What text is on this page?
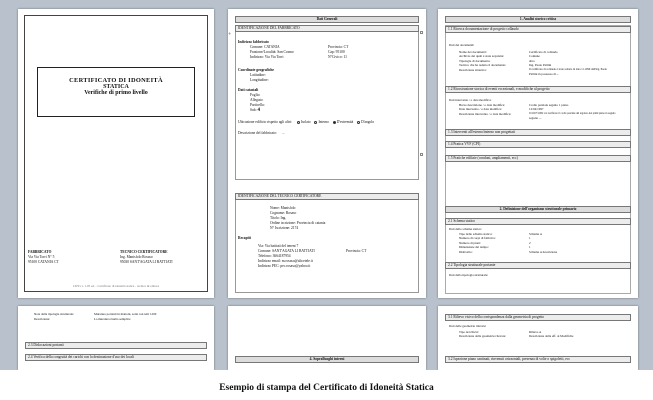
CERTIFICATO DI IDONEITÀ
STATICA
Verifiche di primo livello
FABBRICATO
Via Via Torri N° 5
95100 CATANIA CT
TECNICO CERTIFICATORE
Ing. Manisfolo Rosaso
95030 SANT'AGATA LI BATTIATI
CDYs v. 1.05 ed. - Certificato di idoneità statica - tecnico & editore
Dati Generali
IDENTIFICAZIONE DEL FABBRICATO
+
Indirizzo fabbricato
Comune: CATANIA	Provincia: CT
Frazione/Località: San Cosmo	Cap: 95100
Indirizzo: Via Via Torri	N°Civico: 11
Coordinate geografiche
Latitudine:
Longitudine:
Dati catastali
Foglio:
Allegato:
Particella:
Sub: 4
Ubicazione edificio rispetto agli altri: Isolato Interno D'estremità D'angolo
Descrizione del fabbricato: ...
IDENTIFICAZIONE DEL TECNICO CERTIFICATORE
Nome: Manisfolo
Cognome: Rosaso
Titolo: Ing.
Ordine iscrizione: Provincia di catania
N° Iscrizione: 2174
Recapiti
Via: Via battiati del tenent 7
Comune: SANT'AGATA LI BATTIATI	Provincia: CT
Telefono: 3664187954
Indirizzo email: m.rosaso@alicetele.it
Indirizzo PEC: pec.rosaso@yahoo.it
1. Analisi storico critica
1.1 Ricerca documentazione di progetto collaudo
Dati dei documenti:
Nome dei documenti:	Certificato di collaudo
Archivio dei quali è stata acquisita:	Comune
Tipologia di documento:	altro
Tecnico che ha redatto il documento:	Ing. Paolo Pallini
Descrizione sintetica:	Il certificato di collaudo è stato redatto in data 11.1999 dall'ing. Paolo
Pallini in possesso di ...
1.2 Ricostruzione storica di eventi eccezionali, e modifiche al progetto
Dati intervento / o data modifica:
Breve descrizione / o data modifica:	Crollo parziale seguito 1 piano
Date intervento / o data modifica:	12/04/1997
Descrizione intervento / o data modifica:	Il 16/07/1982 si è verificato il crollo parziale del tegolato dei primi piano in seguito
seguito ...
1.3 Interventi all'esterno/interno non progettati
1.4 Pratica VVF (CPI)
1.5 Pratiche edilizie (condoni, ampliamenti, ecc)
2. Definizione dell'organismo strutturale primario
2.1 Schema statico
Dati dello schema statico:
Tipo dello schema statico:	Schema A
Numero di corpi di fabbrica:	1
Numero di piani:	2
Dimensione del tempo:	1
Dislivello:	Schema A descrizione
2.2 Tipologia strutturale portante
Dati della tipologia strutturale:
Note della tipologia strutturale:	Murature portanti in mattoni, solai con tetti 1200
Descrizione:	La muratura risulta semplice
2.3 Dislocazioni portanti
2.4 Verifica della congruità dei carichi con la destinazione d'uso dei locali	4. Sopralluoghi interni
3.1 Rilievo visivo della corrispondenza dalla geometria di progetto
Dati delle geometrie rilevate:
Tipo dei rilievi:	Rilievo A
Descrizione delle geometrie rilevate:	Descrizione della eff. ai Modifiche
3.2 Ispezione piano cantinati, rinvenuti orizzontali, presenza di volte o spigoletti, ecc
Esempio di stampa del Certificato di Idoneità Statica
